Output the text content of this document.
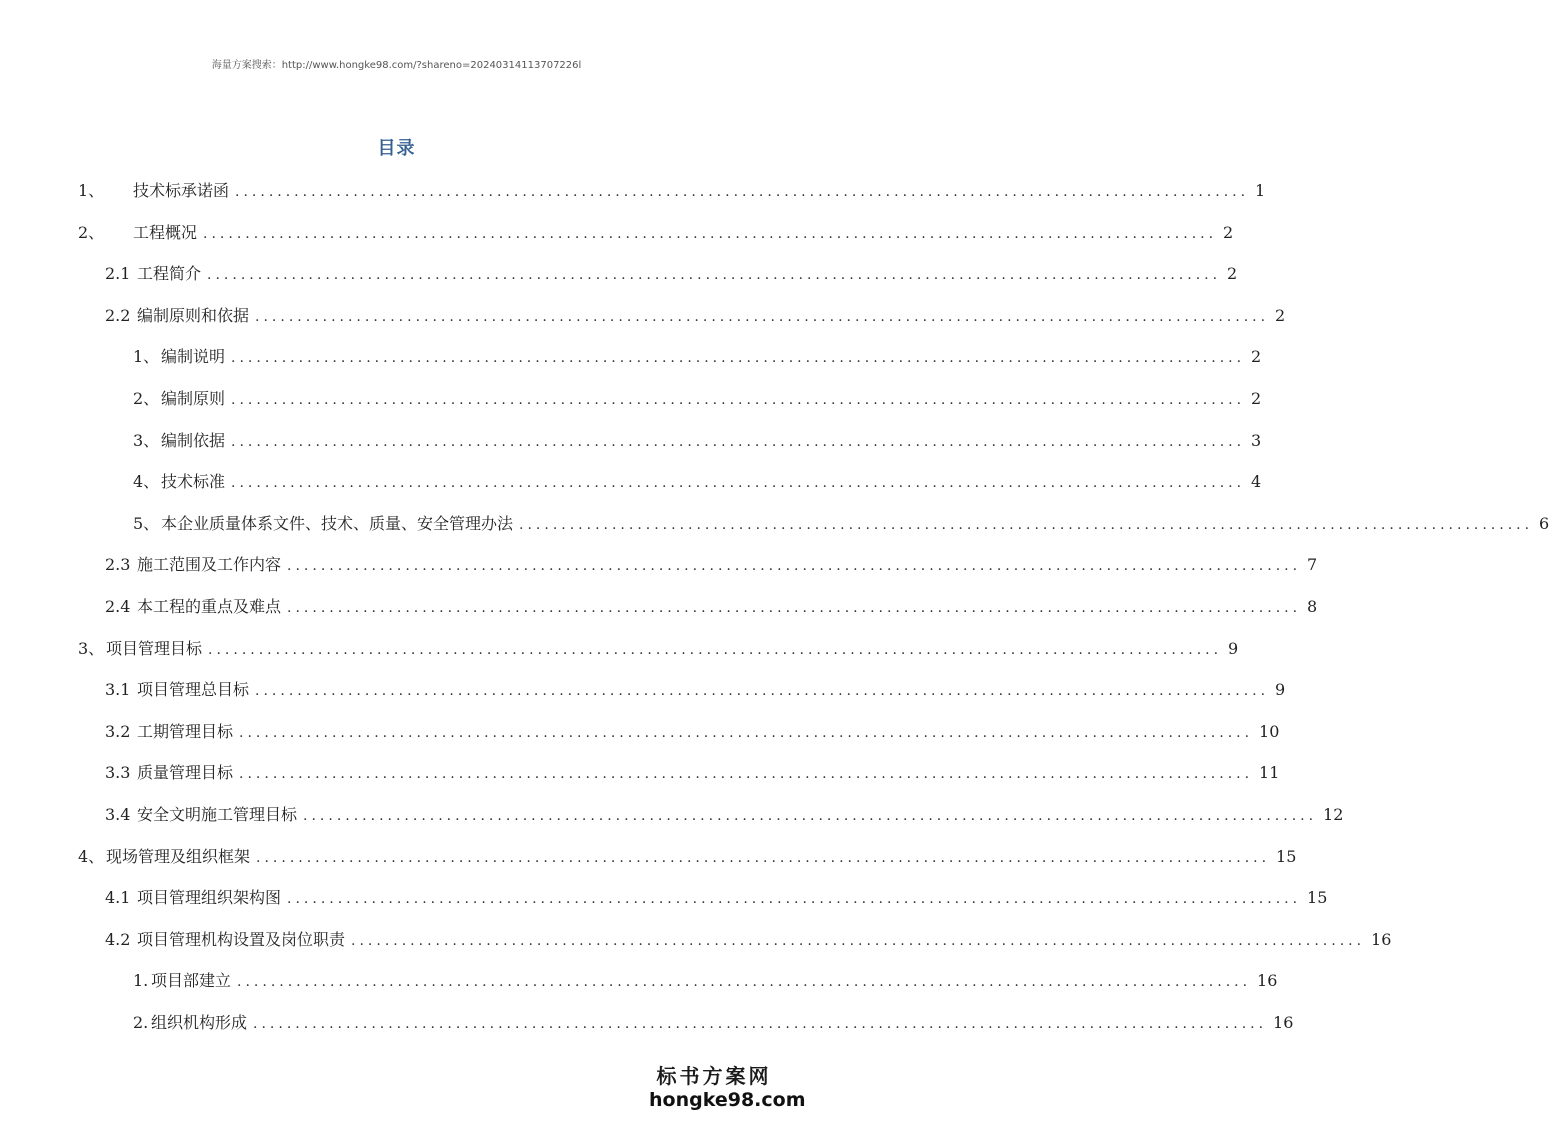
海量方案搜索：http://www.hongke98.com/?shareno=20240314113707226l
目录
1、	技术标承诺函 ........................................................................................................................ 1
2、	工程概况 ........................................................................................................................ 2
2.1 工程简介 ........................................................................................................................ 2
2.2 编制原则和依据 ........................................................................................................................ 2
1、 编制说明 ........................................................................................................................ 2
2、 编制原则 ........................................................................................................................ 2
3、 编制依据 ........................................................................................................................ 3
4、 技术标准 ........................................................................................................................ 4
5、 本企业质量体系文件、技术、质量、安全管理办法 ........................................................................................................................ 6
2.3 施工范围及工作内容 ........................................................................................................................ 7
2.4 本工程的重点及难点 ........................................................................................................................ 8
3、 项目管理目标 ........................................................................................................................ 9
3.1 项目管理总目标 ........................................................................................................................ 9
3.2 工期管理目标 ........................................................................................................................ 10
3.3 质量管理目标 ........................................................................................................................ 11
3.4 安全文明施工管理目标 ........................................................................................................................ 12
4、 现场管理及组织框架 ........................................................................................................................ 15
4.1 项目管理组织架构图 ........................................................................................................................ 15
4.2 项目管理机构设置及岗位职责 ........................................................................................................................ 16
1. 项目部建立 ........................................................................................................................ 16
2. 组织机构形成 ........................................................................................................................ 16
标书方案网
hongke98.com
